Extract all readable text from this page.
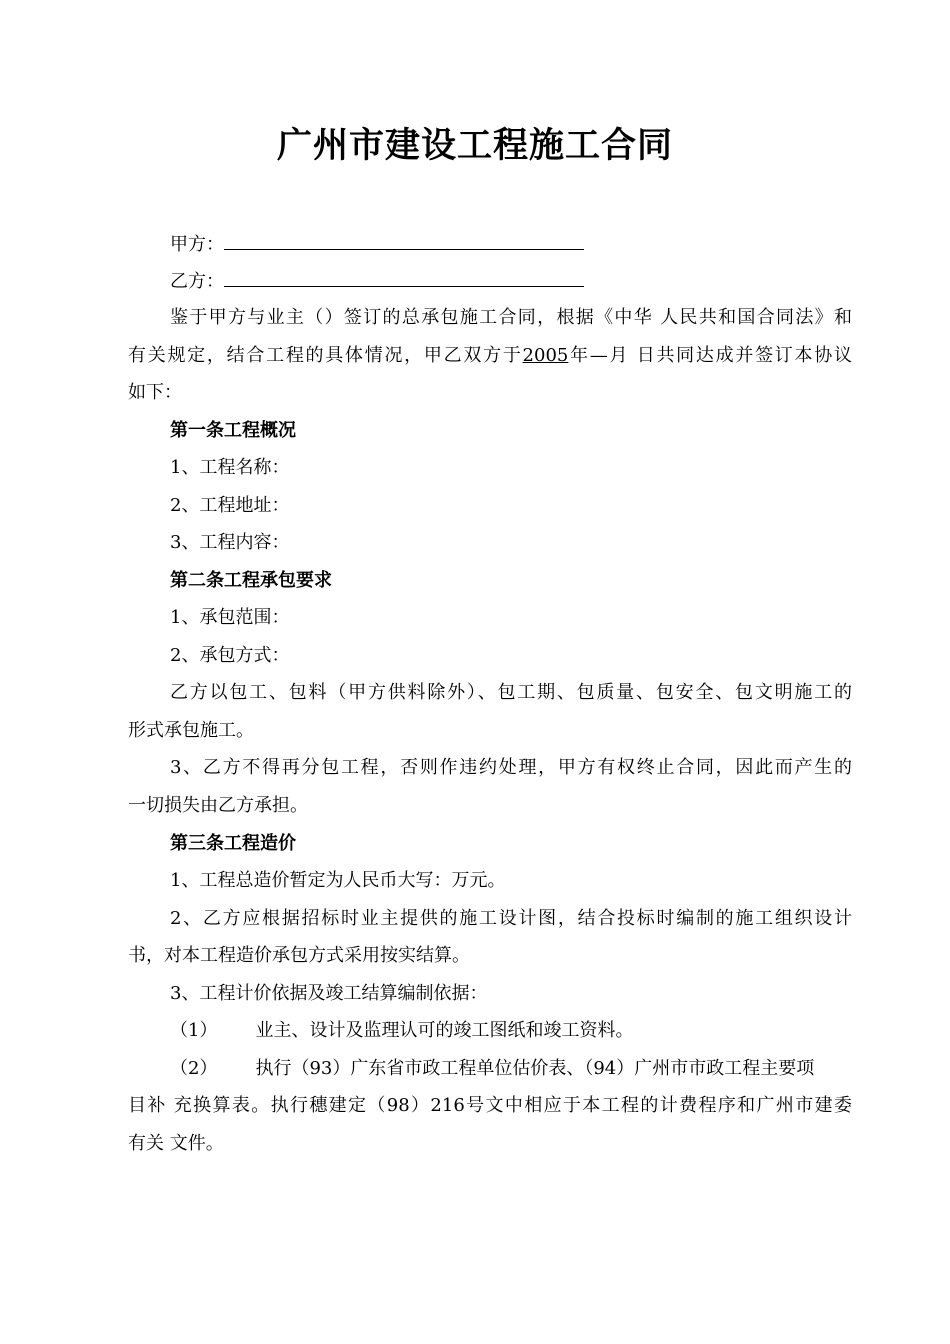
广州市建设工程施工合同
甲方：
乙方：
鉴于甲方与业主（）签订的总承包施工合同，根据《中华 人民共和国合同法》和
有关规定，结合工程的具体情况，甲乙双方于2005年—月 日共同达成并签订本协议
如下：
第一条工程概况
1、工程名称：
2、工程地址：
3、工程内容：
第二条工程承包要求
1、承包范围：
2、承包方式：
乙方以包工、包料（甲方供料除外）、包工期、包质量、包安全、包文明施工的
形式承包施工。
3、乙方不得再分包工程，否则作违约处理，甲方有权终止合同，因此而产生的
一切损失由乙方承担。
第三条工程造价
1、工程总造价暂定为人民币大写：万元。
2、乙方应根据招标时业主提供的施工设计图，结合投标时编制的施工组织设计
书，对本工程造价承包方式采用按实结算。
3、工程计价依据及竣工结算编制依据：
（1） 业主、设计及监理认可的竣工图纸和竣工资料。
（2） 执行（93）广东省市政工程单位估价表、（94）广州市市政工程主要项
目补 充换算表。执行穗建定（98）216号文中相应于本工程的计费程序和广州市建委
有关 文件。
